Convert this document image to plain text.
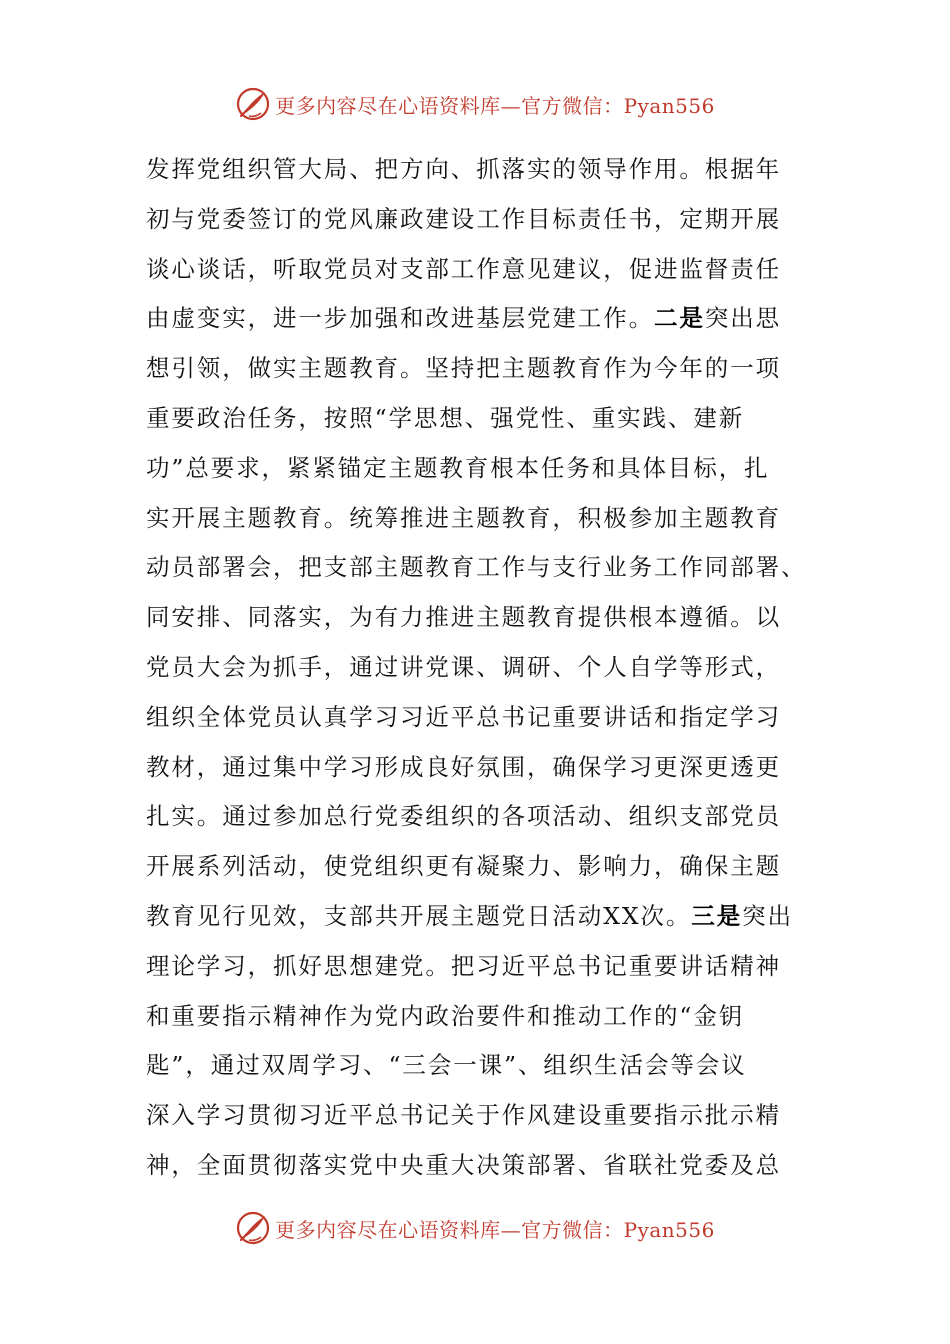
更多内容尽在心语资料库—官方微信：Pyan556
发挥党组织管大局、把方向、抓落实的领导作用。根据年
初与党委签订的党风廉政建设工作目标责任书，定期开展
谈心谈话，听取党员对支部工作意见建议，促进监督责任
由虚变实，进一步加强和改进基层党建工作。二是突出思
想引领，做实主题教育。坚持把主题教育作为今年的一项
重要政治任务，按照“学思想、强党性、重实践、建新
功”总要求，紧紧锚定主题教育根本任务和具体目标，扎
实开展主题教育。统筹推进主题教育，积极参加主题教育
动员部署会，把支部主题教育工作与支行业务工作同部署、
同安排、同落实，为有力推进主题教育提供根本遵循。以
党员大会为抓手，通过讲党课、调研、个人自学等形式，
组织全体党员认真学习习近平总书记重要讲话和指定学习
教材，通过集中学习形成良好氛围，确保学习更深更透更
扎实。通过参加总行党委组织的各项活动、组织支部党员
开展系列活动，使党组织更有凝聚力、影响力，确保主题
教育见行见效，支部共开展主题党日活动XX次。三是突出
理论学习，抓好思想建党。把习近平总书记重要讲话精神
和重要指示精神作为党内政治要件和推动工作的“金钥
匙”，通过双周学习、“三会一课”、组织生活会等会议
深入学习贯彻习近平总书记关于作风建设重要指示批示精
神，全面贯彻落实党中央重大决策部署、省联社党委及总
更多内容尽在心语资料库—官方微信：Pyan556
